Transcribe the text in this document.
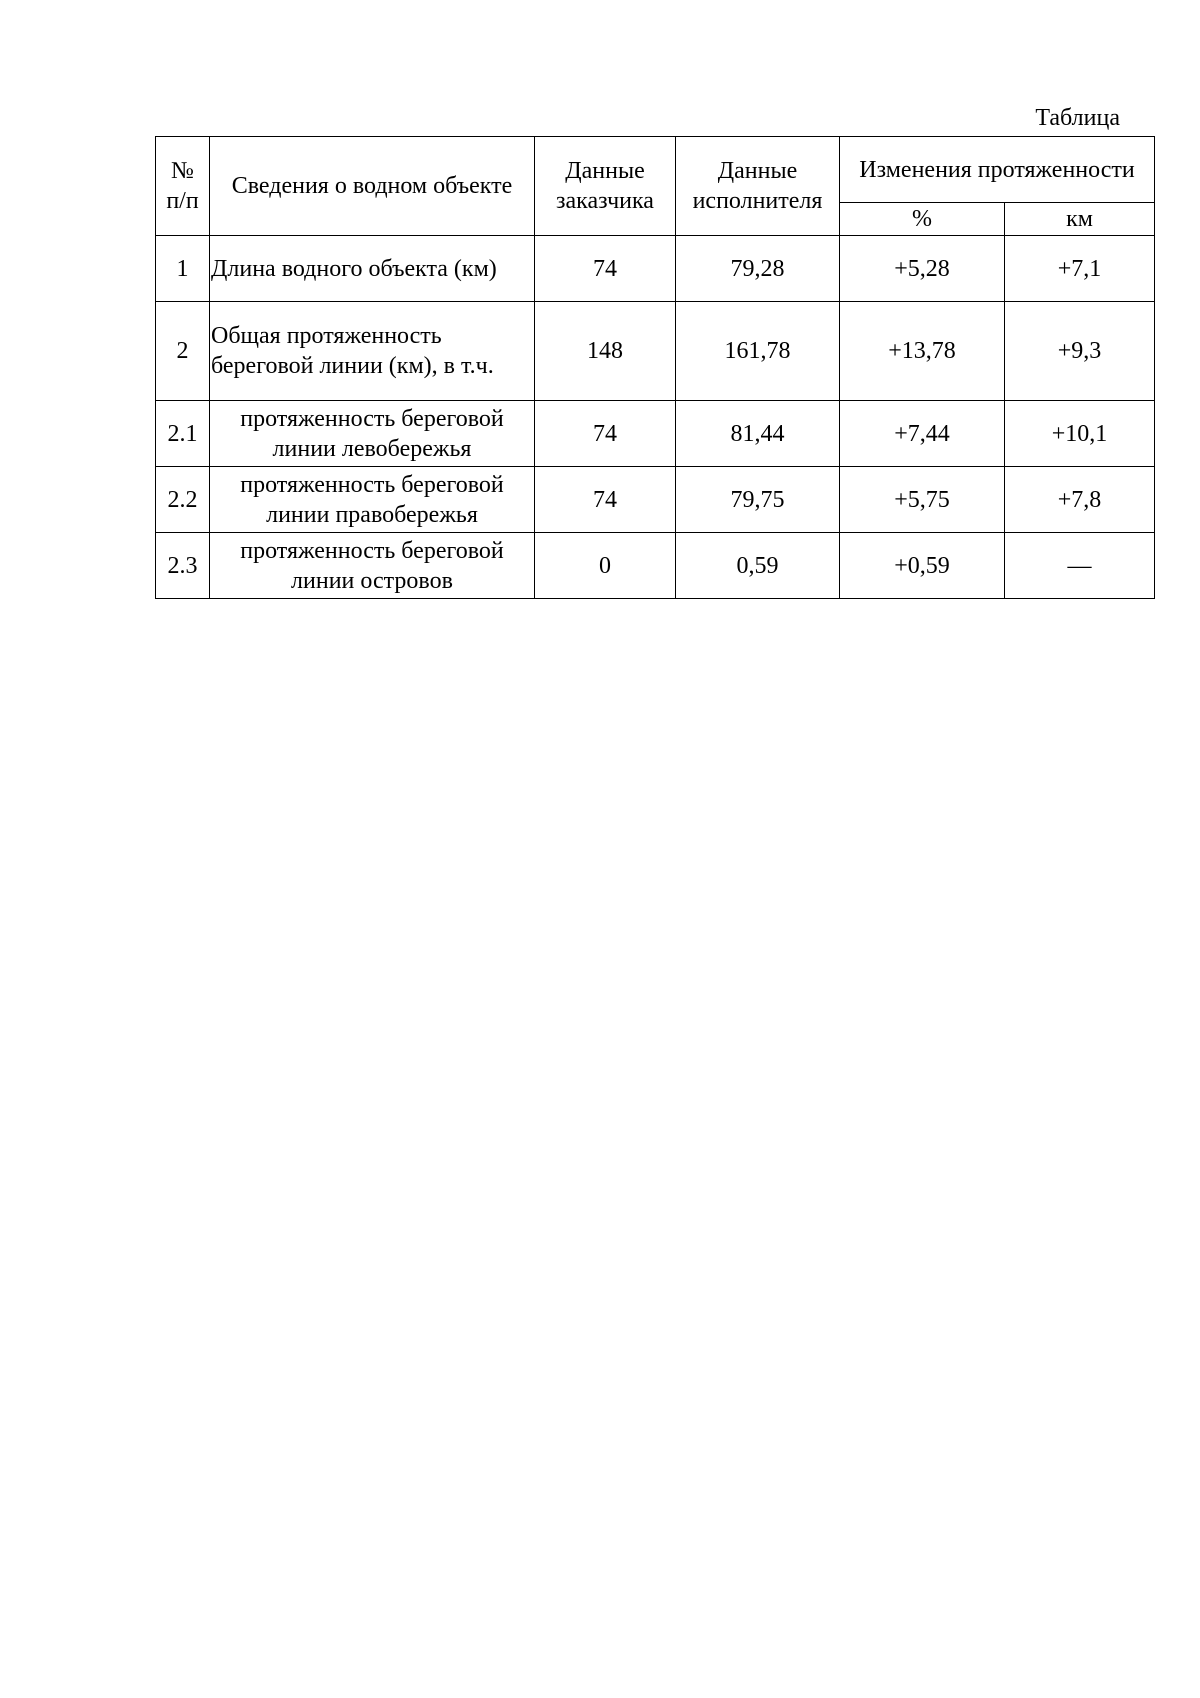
Таблица
№ п/п	Сведения о водном объекте	Данные заказчика	Данные исполнителя	Изменения протяженности	
				%	км
1	Длина водного объекта (км)	74	79,28	+5,28	+7,1
2	Общая протяженность береговой линии (км), в т.ч.	148	161,78	+13,78	+9,3
2.1	протяженность береговой линии левобережья	74	81,44	+7,44	+10,1
2.2	протяженность береговой линии правобережья	74	79,75	+5,75	+7,8
2.3	протяженность береговой линии островов	0	0,59	+0,59	—
